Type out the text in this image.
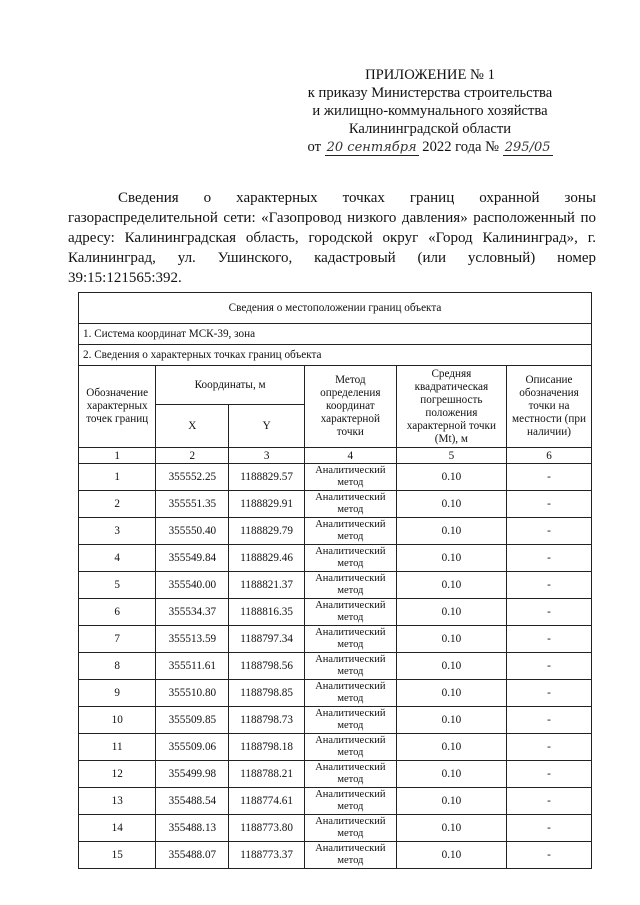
ПРИЛОЖЕНИЕ № 1
к приказу Министерства строительства
и жилищно-коммунального хозяйства
Калининградской области
от 20 сентября 2022 года № 295/05

Сведения о характерных точках границ охранной зоны газораспределительной сети: «Газопровод низкого давления» расположенный по адресу: Калининградская область, городской округ «Город Калининград», г. Калининград, ул. Ушинского, кадастровый (или условный) номер 39:15:121565:392.

Сведения о местоположении границ объекта					
1. Система координат МСК-39, зона					
2. Сведения о характерных точках границ объекта					
Обозначение характерных точек границ	Координаты, м		Метод определения координат характерной точки	Средняя квадратическая погрешность положения характерной точки (Mt), м	Описание обозначения точки на местности (при наличии)
	X	Y			
1	2	3	4	5	6
1	355552.25	1188829.57	Аналитический метод	0.10	-
2	355551.35	1188829.91	Аналитический метод	0.10	-
3	355550.40	1188829.79	Аналитический метод	0.10	-
4	355549.84	1188829.46	Аналитический метод	0.10	-
5	355540.00	1188821.37	Аналитический метод	0.10	-
6	355534.37	1188816.35	Аналитический метод	0.10	-
7	355513.59	1188797.34	Аналитический метод	0.10	-
8	355511.61	1188798.56	Аналитический метод	0.10	-
9	355510.80	1188798.85	Аналитический метод	0.10	-
10	355509.85	1188798.73	Аналитический метод	0.10	-
11	355509.06	1188798.18	Аналитический метод	0.10	-
12	355499.98	1188788.21	Аналитический метод	0.10	-
13	355488.54	1188774.61	Аналитический метод	0.10	-
14	355488.13	1188773.80	Аналитический метод	0.10	-
15	355488.07	1188773.37	Аналитический метод	0.10	-
